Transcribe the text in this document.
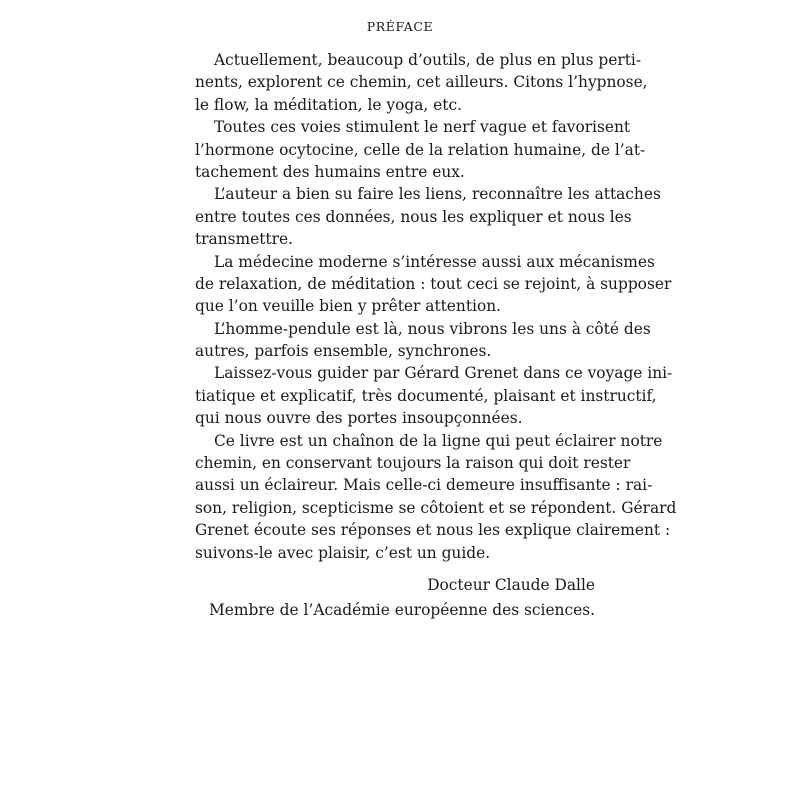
PRÉFACE
Actuellement, beaucoup d’outils, de plus en plus perti-
nents, explorent ce chemin, cet ailleurs. Citons l’hypnose,
le flow, la méditation, le yoga, etc.
Toutes ces voies stimulent le nerf vague et favorisent
l’hormone ocytocine, celle de la relation humaine, de l’at-
tachement des humains entre eux.
L’auteur a bien su faire les liens, reconnaître les attaches
entre toutes ces données, nous les expliquer et nous les
transmettre.
La médecine moderne s’intéresse aussi aux mécanismes
de relaxation, de méditation : tout ceci se rejoint, à supposer
que l’on veuille bien y prêter attention.
L’homme-pendule est là, nous vibrons les uns à côté des
autres, parfois ensemble, synchrones.
Laissez-vous guider par Gérard Grenet dans ce voyage ini-
tiatique et explicatif, très documenté, plaisant et instructif,
qui nous ouvre des portes insoupçonnées.
Ce livre est un chaînon de la ligne qui peut éclairer notre
chemin, en conservant toujours la raison qui doit rester
aussi un éclaireur. Mais celle-ci demeure insuffisante : rai-
son, religion, scepticisme se côtoient et se répondent. Gérard
Grenet écoute ses réponses et nous les explique clairement :
suivons-le avec plaisir, c’est un guide.
Docteur Claude Dalle
Membre de l’Académie européenne des sciences.
